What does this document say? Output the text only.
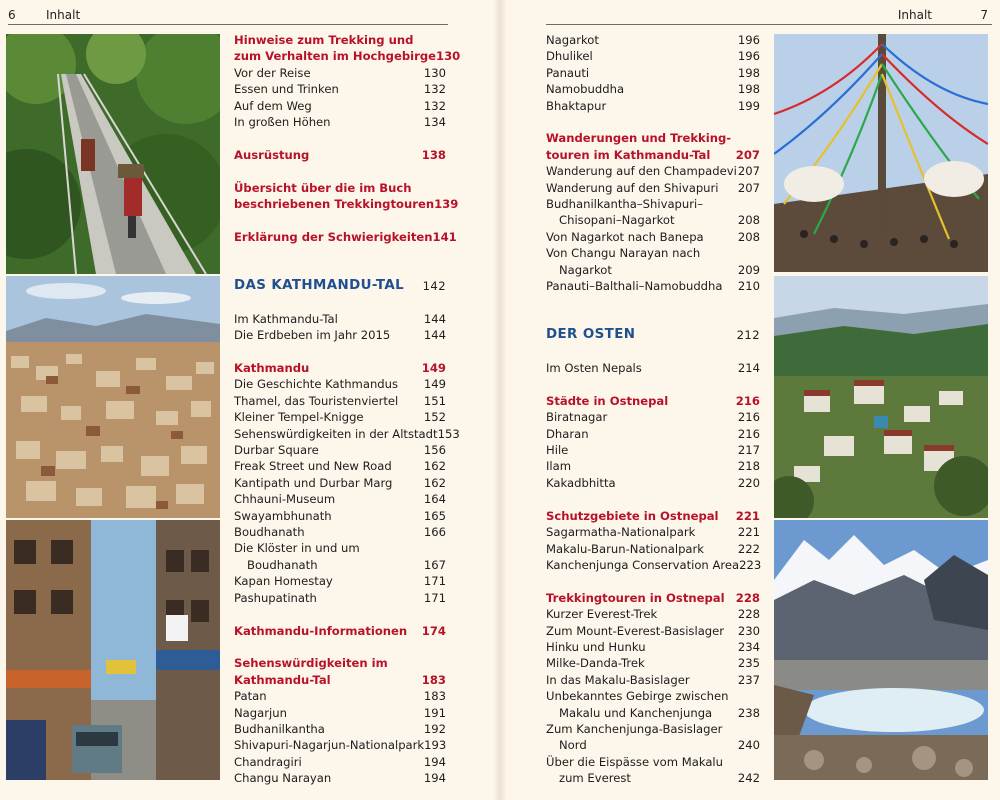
6	Inhalt
Hinweise zum Trekking und
zum Verhalten im Hochgebirge 130
Vor der Reise	130
Essen und Trinken	132
Auf dem Weg	132
In großen Höhen	134
Ausrüstung	138
Übersicht über die im Buch
beschriebenen Trekkingtouren 139
Erklärung der Schwierigkeiten 141
DAS KATHMANDU-TAL	142
Im Kathmandu-Tal	144
Die Erdbeben im Jahr 2015	144
Kathmandu	149
Die Geschichte Kathmandus	149
Thamel, das Touristenviertel	151
Kleiner Tempel-Knigge	152
Sehenswürdigkeiten in der Altstadt 153
Durbar Square	156
Freak Street und New Road	162
Kantipath und Durbar Marg	162
Chhauni-Museum	164
Swayambhunath	165
Boudhanath	166
Die Klöster in und um
Boudhanath	167
Kapan Homestay	171
Pashupatinath	171
Kathmandu-Informationen	174
Sehenswürdigkeiten im
Kathmandu-Tal	183
Patan	183
Nagarjun	191
Budhanilkantha	192
Shivapuri-Nagarjun-Nationalpark 193
Chandragiri	194
Changu Narayan	194
Inhalt	7
Nagarkot	196
Dhulikel	196
Panauti	198
Namobuddha	198
Bhaktapur	199
Wanderungen und Trekking-
touren im Kathmandu-Tal	207
Wanderung auf den Champadevi 207
Wanderung auf den Shivapuri	207
Budhanilkantha–Shivapuri–
Chisopani–Nagarkot	208
Von Nagarkot nach Banepa	208
Von Changu Narayan nach
Nagarkot	209
Panauti–Balthali–Namobuddha	210
DER OSTEN	212
Im Osten Nepals	214
Städte in Ostnepal	216
Biratnagar	216
Dharan	216
Hile	217
Ilam	218
Kakadbhitta	220
Schutzgebiete in Ostnepal	221
Sagarmatha-Nationalpark	221
Makalu-Barun-Nationalpark	222
Kanchenjunga Conservation Area 223
Trekkingtouren in Ostnepal 228
Kurzer Everest-Trek	228
Zum Mount-Everest-Basislager	230
Hinku und Hunku	234
Milke-Danda-Trek	235
In das Makalu-Basislager	237
Unbekanntes Gebirge zwischen
Makalu und Kanchenjunga	238
Zum Kanchenjunga-Basislager
Nord	240
Über die Eispässe vom Makalu
zum Everest	242
